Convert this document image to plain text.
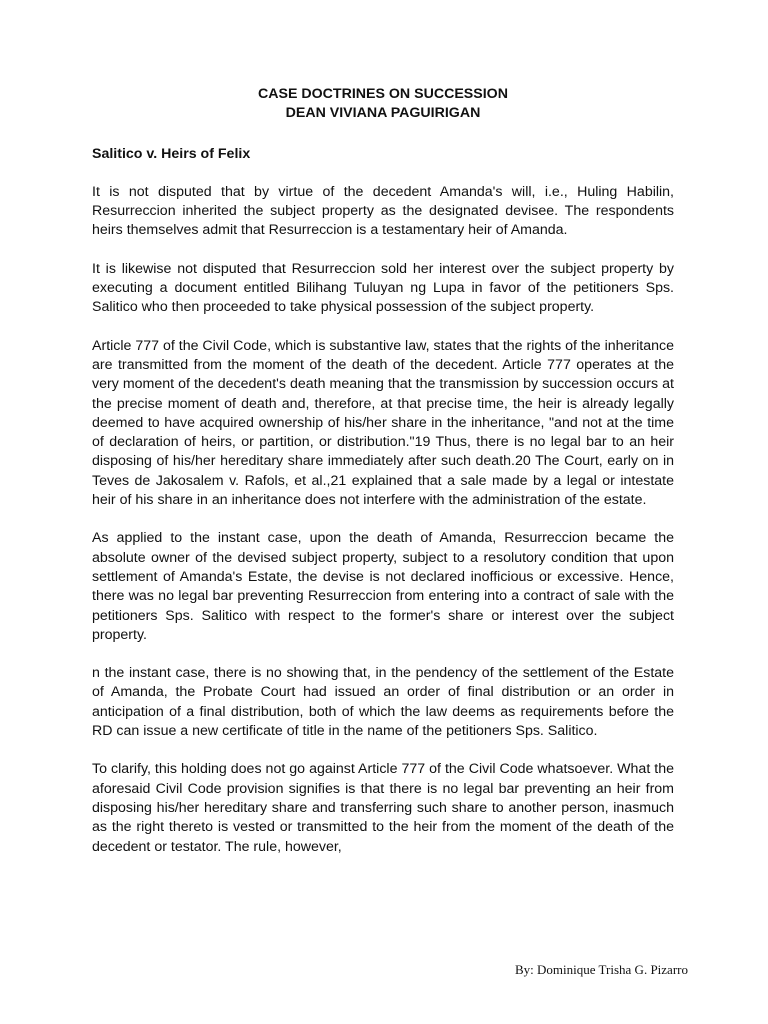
CASE DOCTRINES ON SUCCESSION
DEAN VIVIANA PAGUIRIGAN

Salitico v. Heirs of Felix

It is not disputed that by virtue of the decedent Amanda's will, i.e., Huling Habilin, Resurreccion inherited the subject property as the designated devisee. The respondents heirs themselves admit that Resurreccion is a testamentary heir of Amanda.

It is likewise not disputed that Resurreccion sold her interest over the subject property by executing a document entitled Bilihang Tuluyan ng Lupa in favor of the petitioners Sps. Salitico who then proceeded to take physical possession of the subject property.

Article 777 of the Civil Code, which is substantive law, states that the rights of the inheritance are transmitted from the moment of the death of the decedent. Article 777 operates at the very moment of the decedent's death meaning that the transmission by succession occurs at the precise moment of death and, therefore, at that precise time, the heir is already legally deemed to have acquired ownership of his/her share in the inheritance, "and not at the time of declaration of heirs, or partition, or distribution."19 Thus, there is no legal bar to an heir disposing of his/her hereditary share immediately after such death.20 The Court, early on in Teves de Jakosalem v. Rafols, et al.,21 explained that a sale made by a legal or intestate heir of his share in an inheritance does not interfere with the administration of the estate.

As applied to the instant case, upon the death of Amanda, Resurreccion became the absolute owner of the devised subject property, subject to a resolutory condition that upon settlement of Amanda's Estate, the devise is not declared inofficious or excessive. Hence, there was no legal bar preventing Resurreccion from entering into a contract of sale with the petitioners Sps. Salitico with respect to the former's share or interest over the subject property.

n the instant case, there is no showing that, in the pendency of the settlement of the Estate of Amanda, the Probate Court had issued an order of final distribution or an order in anticipation of a final distribution, both of which the law deems as requirements before the RD can issue a new certificate of title in the name of the petitioners Sps. Salitico.

To clarify, this holding does not go against Article 777 of the Civil Code whatsoever. What the aforesaid Civil Code provision signifies is that there is no legal bar preventing an heir from disposing his/her hereditary share and transferring such share to another person, inasmuch as the right thereto is vested or transmitted to the heir from the moment of the death of the decedent or testator. The rule, however,

By: Dominique Trisha G. Pizarro
